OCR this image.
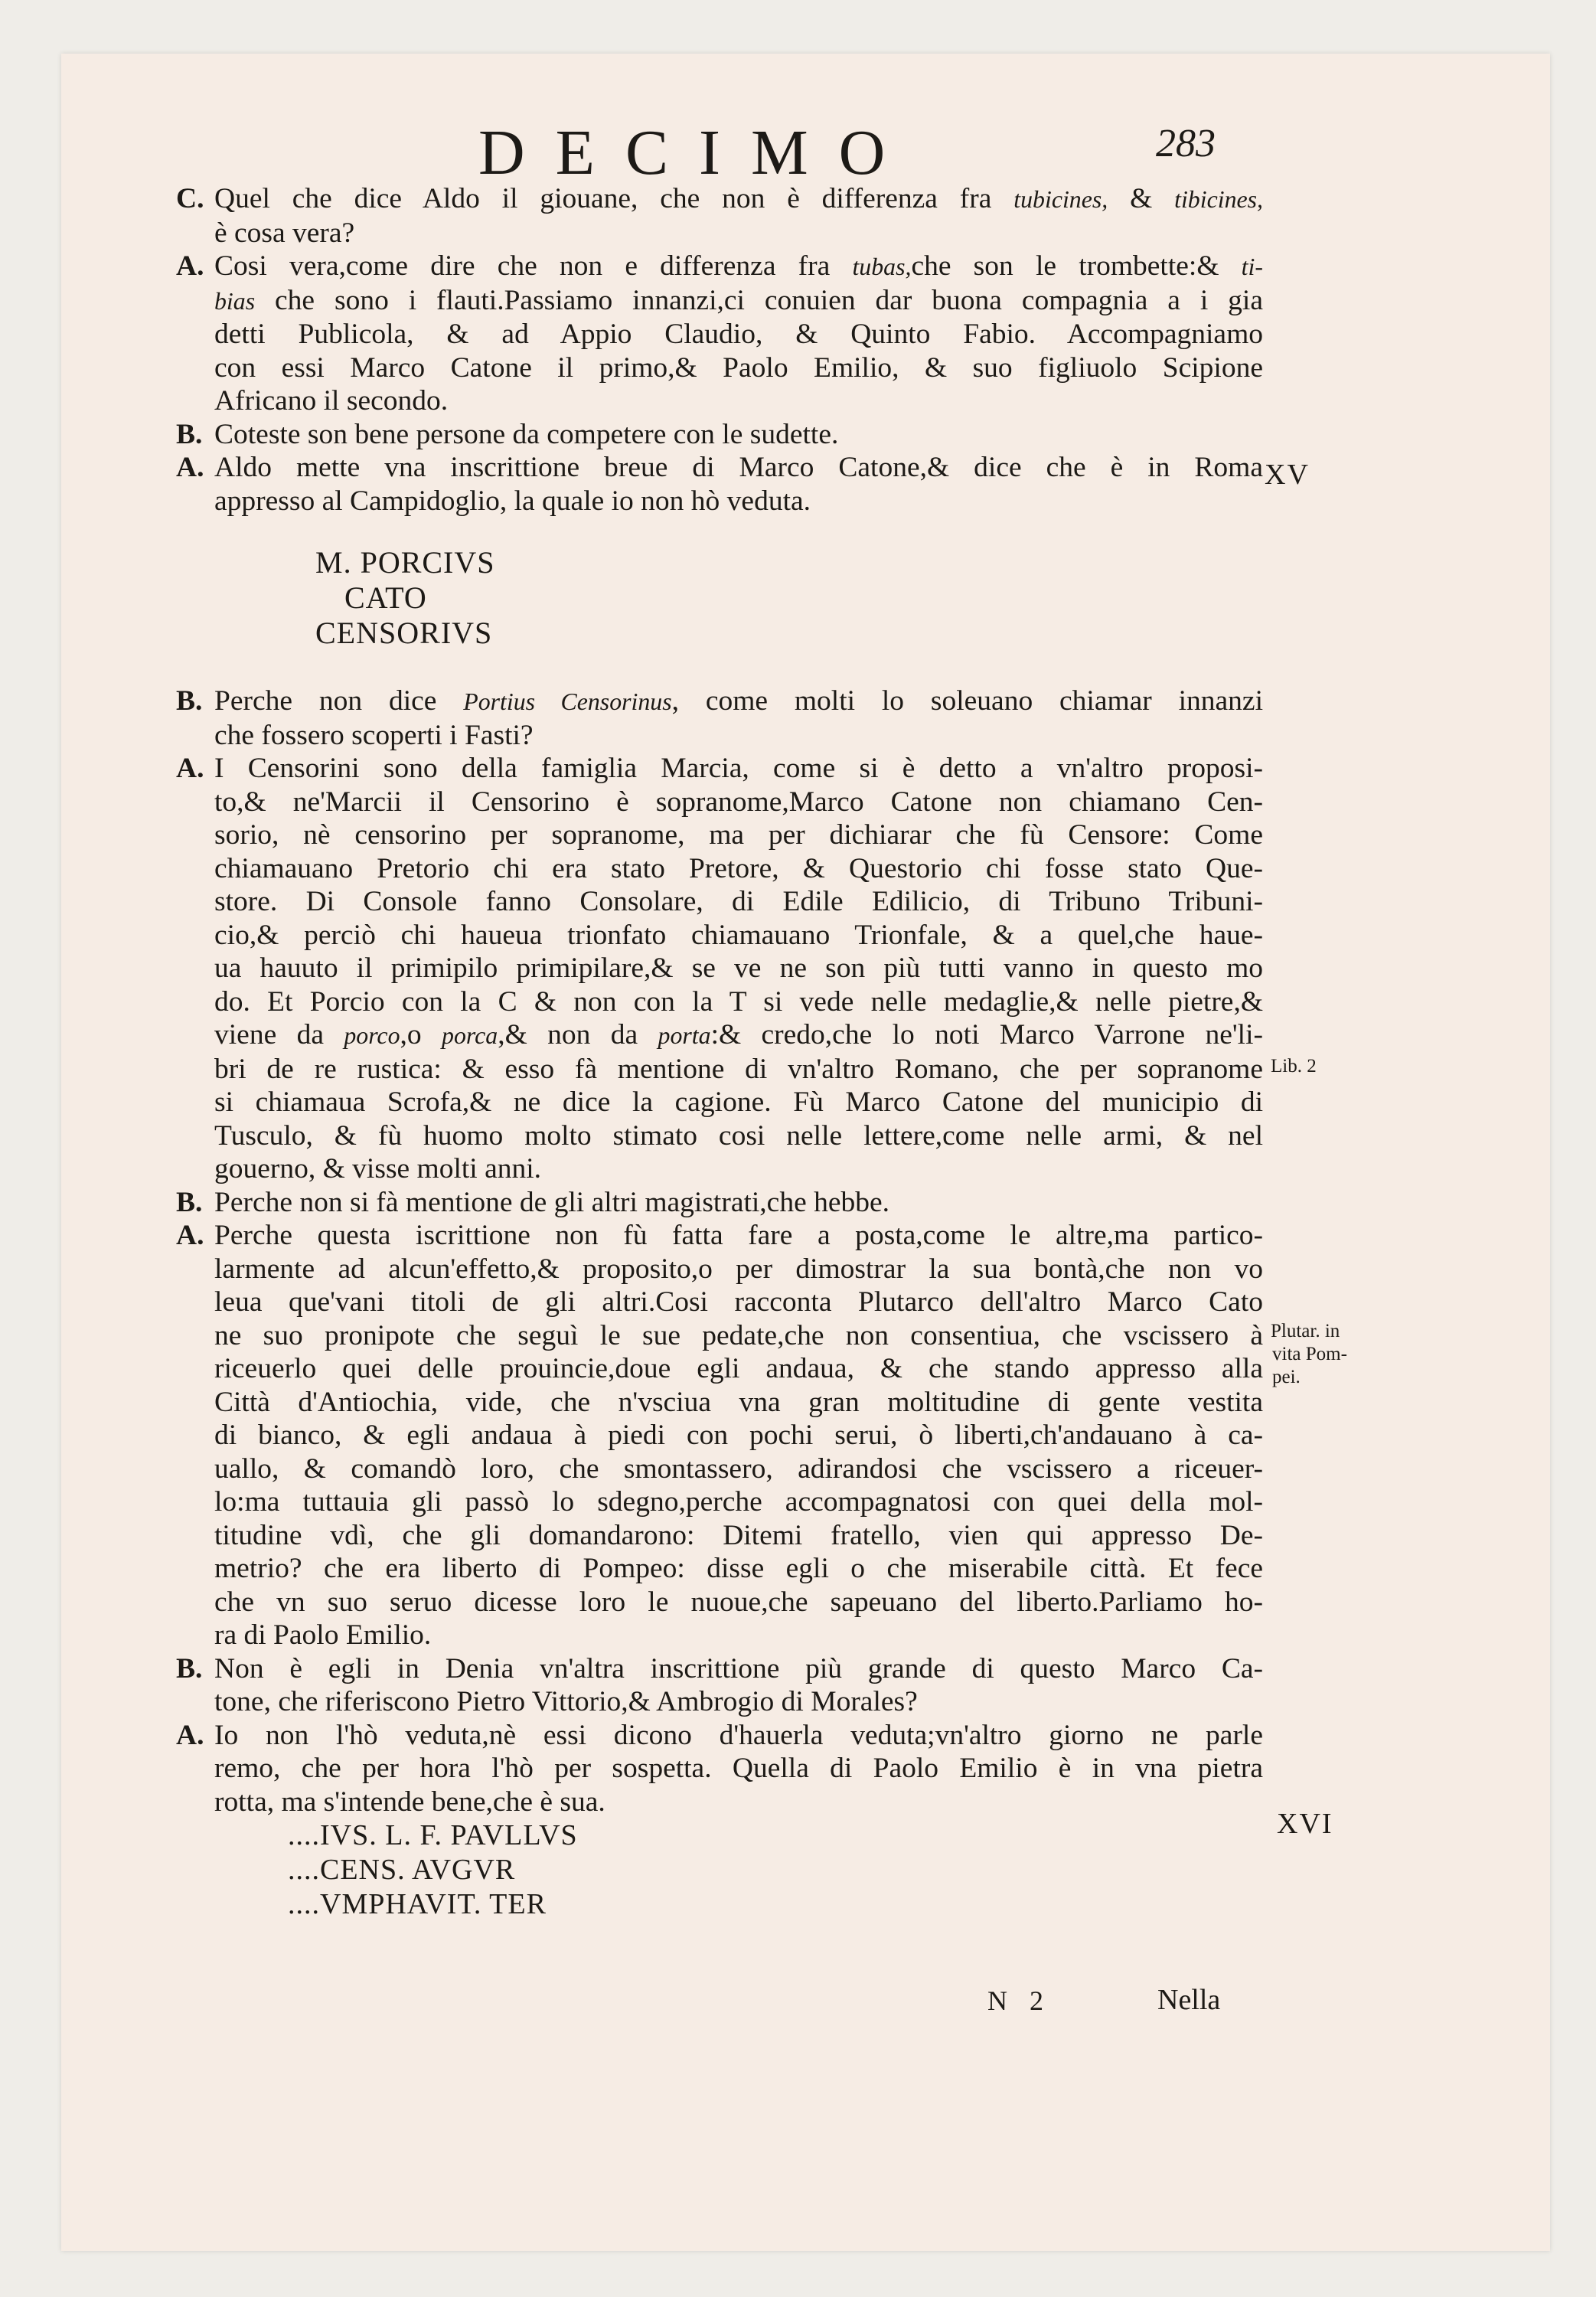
DECIMO	283
C. Quel che dice Aldo il giouane, che non è differenza fra tubicines, & tibicines,
è cosa vera?
A. Cosi vera,come dire che non e differenza fra tubas,che son le trombette:& ti-
bias che sono i flauti.Passiamo innanzi,ci conuien dar buona compagnia a i gia
detti Publicola, & ad Appio Claudio, & Quinto Fabio. Accompagniamo
con essi Marco Catone il primo,& Paolo Emilio, & suo figliuolo Scipione
Africano il secondo.
B. Coteste son bene persone da competere con le sudette.
A. Aldo mette vna inscrittione breue di Marco Catone,& dice che è in Roma
appresso al Campidoglio, la quale io non hò veduta.
M. PORCIVS
CATO
CENSORIVS
B. Perche non dice Portius Censorinus, come molti lo soleuano chiamar innanzi
che fossero scoperti i Fasti?
A. I Censorini sono della famiglia Marcia, come si è detto a vn'altro proposi-
to,& ne'Marcii il Censorino è sopranome,Marco Catone non chiamano Cen-
sorio, nè censorino per sopranome, ma per dichiarar che fù Censore: Come
chiamauano Pretorio chi era stato Pretore, & Questorio chi fosse stato Que-
store. Di Console fanno Consolare, di Edile Edilicio, di Tribuno Tribuni-
cio,& perciò chi haueua trionfato chiamauano Trionfale, & a quel,che haue-
ua hauuto il primipilo primipilare,& se ve ne son più tutti vanno in questo mo
do. Et Porcio con la C & non con la T si vede nelle medaglie,& nelle pietre,&
viene da porco,o porca,& non da porta:& credo,che lo noti Marco Varrone ne'li-
bri de re rustica: & esso fà mentione di vn'altro Romano, che per sopranome
si chiamaua Scrofa,& ne dice la cagione. Fù Marco Catone del municipio di
Tusculo, & fù huomo molto stimato cosi nelle lettere,come nelle armi, & nel
gouerno, & visse molti anni.
B. Perche non si fà mentione de gli altri magistrati,che hebbe.
A. Perche questa iscrittione non fù fatta fare a posta,come le altre,ma partico-
larmente ad alcun'effetto,& proposito,o per dimostrar la sua bontà,che non vo
leua que'vani titoli de gli altri.Cosi racconta Plutarco dell'altro Marco Cato
ne suo pronipote che seguì le sue pedate,che non consentiua, che vscissero à
riceuerlo quei delle prouincie,doue egli andaua, & che stando appresso alla
Città d'Antiochia, vide, che n'vsciua vna gran moltitudine di gente vestita
di bianco, & egli andaua à piedi con pochi serui, ò liberti,ch'andauano à ca-
uallo, & comandò loro, che smontassero, adirandosi che vscissero a riceuer-
lo:ma tuttauia gli passò lo sdegno,perche accompagnatosi con quei della mol-
titudine vdì, che gli domandarono: Ditemi fratello, vien qui appresso De-
metrio? che era liberto di Pompeo: disse egli o che miserabile città. Et fece
che vn suo seruo dicesse loro le nuoue,che sapeuano del liberto.Parliamo ho-
ra di Paolo Emilio.
B. Non è egli in Denia vn'altra inscrittione più grande di questo Marco Ca-
tone, che riferiscono Pietro Vittorio,& Ambrogio di Morales?
A. Io non l'hò veduta,nè essi dicono d'hauerla veduta;vn'altro giorno ne parle
remo, che per hora l'hò per sospetta. Quella di Paolo Emilio è in vna pietra
rotta, ma s'intende bene,che è sua.
....IVS. L. F. PAVLLVS
....CENS. AVGVR
....VMPHAVIT. TER
XV
Lib. 2
Plutar. in
vita Pom-
pei.
XVI
N 2	Nella
